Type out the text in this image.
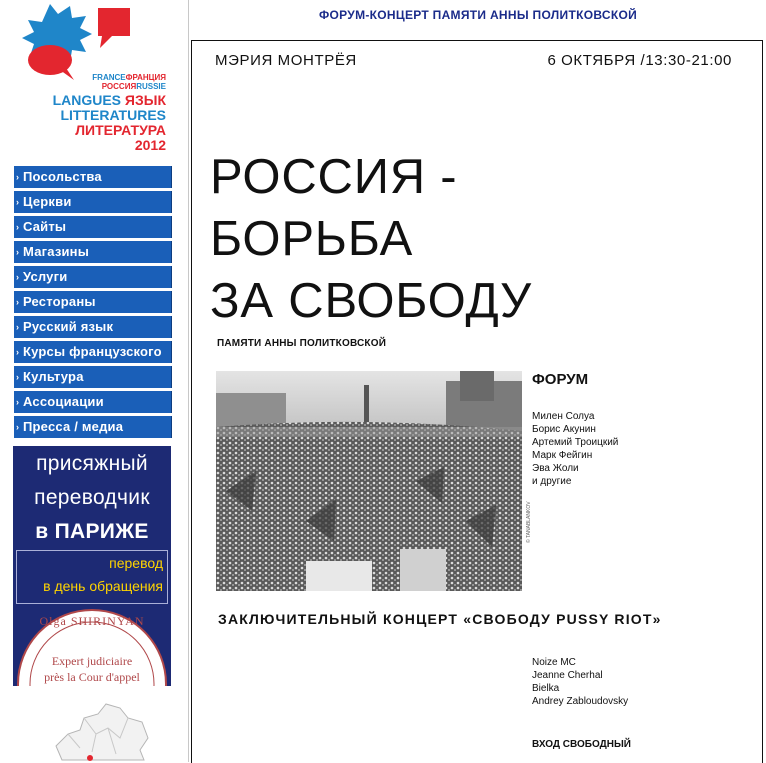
FRANCEФРАНЦИЯ
РОССИЯRUSSIE
LANGUES ЯЗЫК
LITTERATURES
ЛИТЕРАТУРА
2012
› Посольства
› Церкви
› Сайты
› Магазины
› Услуги
› Рестораны
› Русский язык
› Курсы французского
› Культура
› Ассоциации
› Пресса / медиа
присяжный
переводчик
в ПАРИЖЕ
перевод
в день обращения
Olga SHIRINYAN
Expert judiciaire
près la Cour d'appel
ФОРУМ-КОНЦЕРТ ПАМЯТИ АННЫ ПОЛИТКОВСКОЙ
МЭРИЯ МОНТРЁЯ	6 ОКТЯБРЯ /13:30-21:00
РОССИЯ -
БОРЬБА
ЗА СВОБОДУ
ПАМЯТИ АННЫ ПОЛИТКОВСКОЙ
© TANABLANKOV
ФОРУМ
Милен Солуа
Борис Акунин
Артемий Троицкий
Марк Фейгин
Эва Жоли
и другие
ЗАКЛЮЧИТЕЛЬНЫЙ КОНЦЕРТ «СВОБОДУ PUSSY RIOT»
Noize MC
Jeanne Cherhal
Bielka
Andrey Zabloudovsky
ВХОД СВОБОДНЫЙ
